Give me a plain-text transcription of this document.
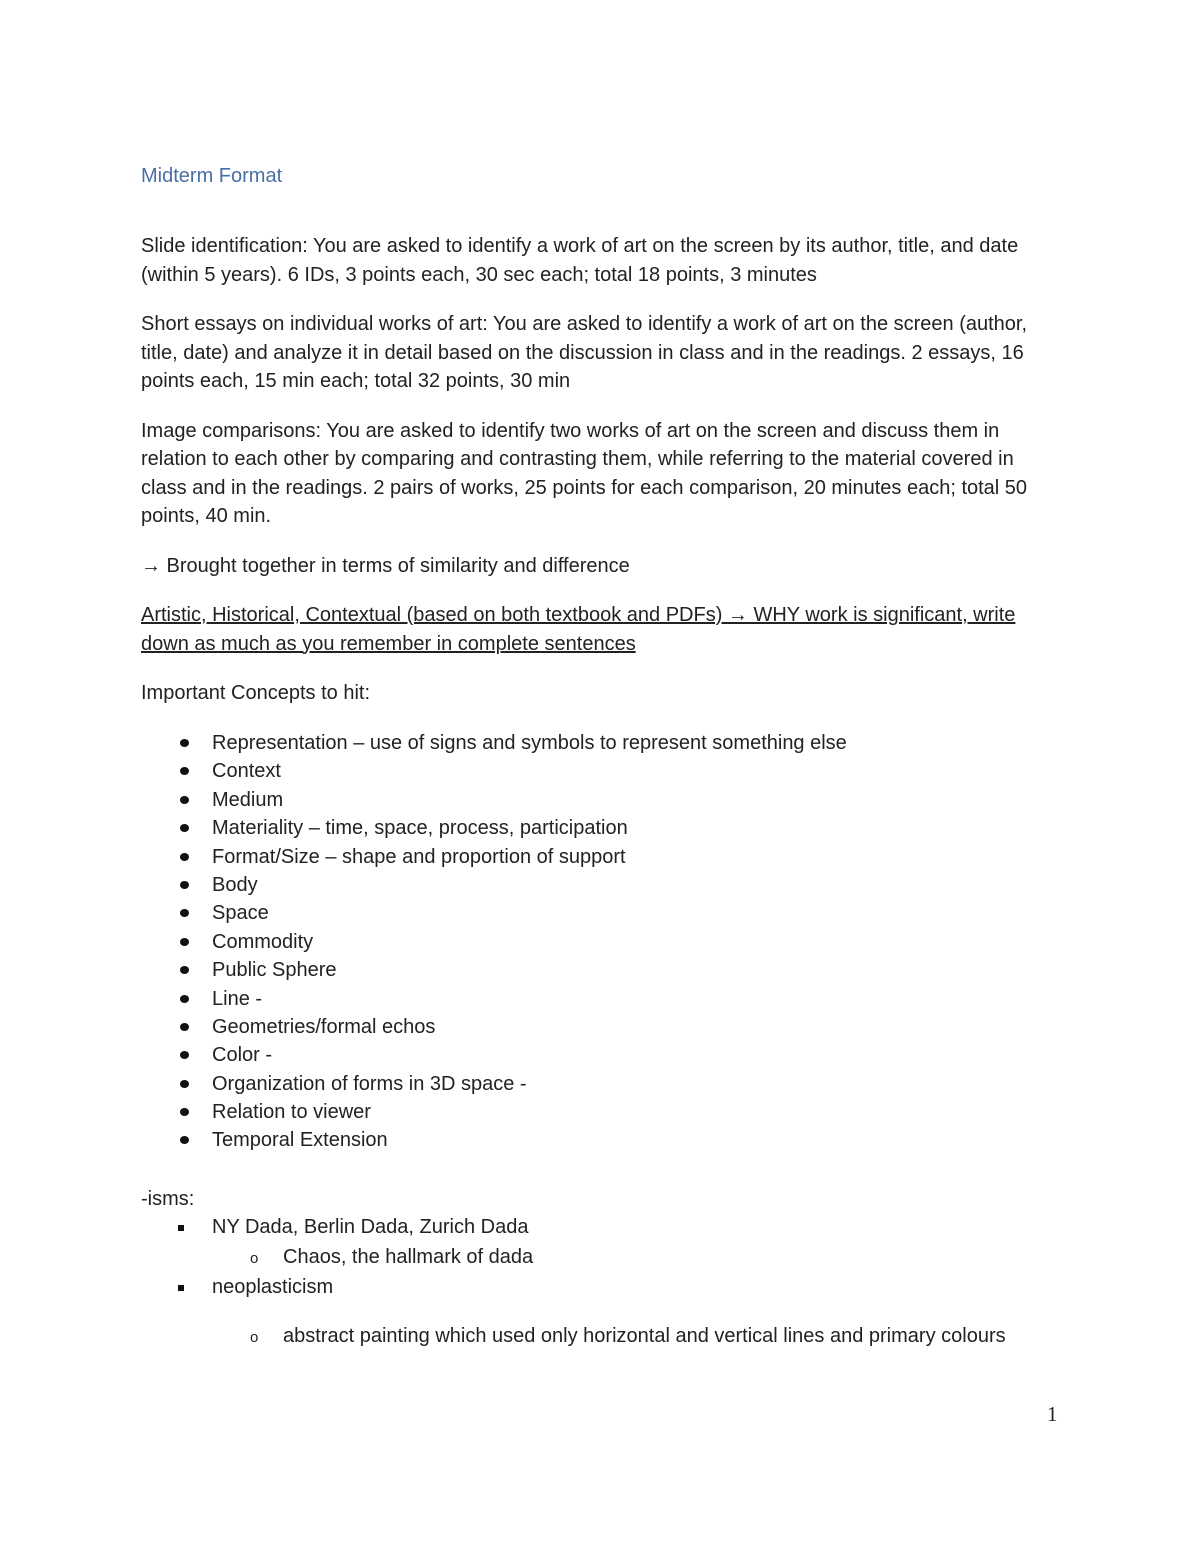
Midterm Format

Slide identification: You are asked to identify a work of art on the screen by its author, title, and date (within 5 years). 6 IDs, 3 points each, 30 sec each; total 18 points, 3 minutes

Short essays on individual works of art: You are asked to identify a work of art on the screen (author, title, date) and analyze it in detail based on the discussion in class and in the readings. 2 essays, 16 points each, 15 min each; total 32 points, 30 min

Image comparisons: You are asked to identify two works of art on the screen and discuss them in relation to each other by comparing and contrasting them, while referring to the material covered in class and in the readings. 2 pairs of works, 25 points for each comparison, 20 minutes each; total 50 points, 40 min.

→ Brought together in terms of similarity and difference

Artistic, Historical, Contextual (based on both textbook and PDFs) → WHY work is significant, write down as much as you remember in complete sentences

Important Concepts to hit:
Representation – use of signs and symbols to represent something else
Context
Medium
Materiality – time, space, process, participation
Format/Size – shape and proportion of support
Body
Space
Commodity
Public Sphere
Line -
Geometries/formal echos
Color -
Organization of forms in 3D space -
Relation to viewer
Temporal Extension
-isms:
NY Dada, Berlin Dada, Zurich Dada
o Chaos, the hallmark of dada
neoplasticism
o abstract painting which used only horizontal and vertical lines and primary colours
1
